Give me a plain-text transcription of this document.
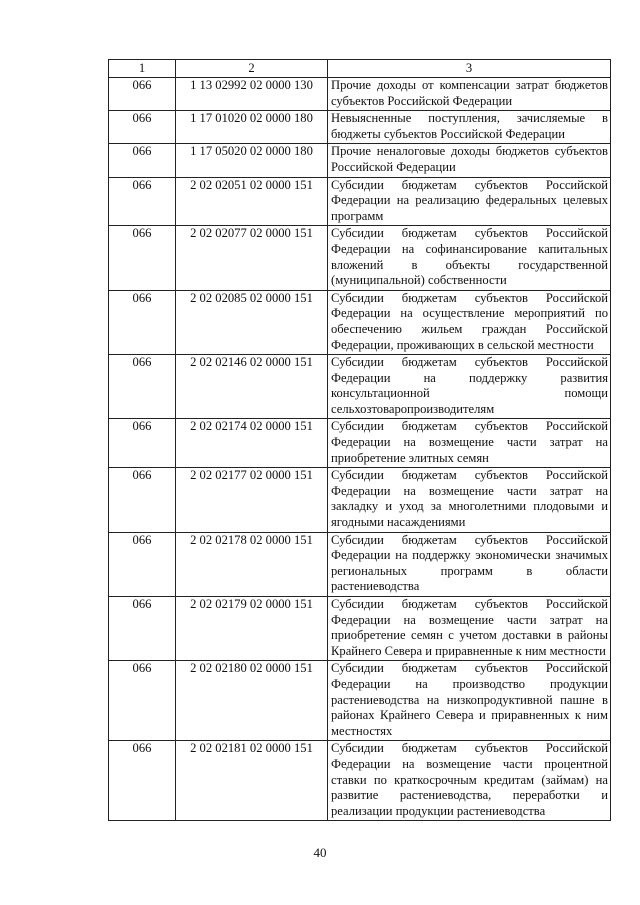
1	2	3
066	1 13 02992 02 0000 130	Прочие доходы от компенсации затрат бюджетов субъектов Российской Федерации
066	1 17 01020 02 0000 180	Невыясненные поступления, зачисляемые в бюджеты субъектов Российской Федерации
066	1 17 05020 02 0000 180	Прочие неналоговые доходы бюджетов субъектов Российской Федерации
066	2 02 02051 02 0000 151	Субсидии бюджетам субъектов Российской Федерации на реализацию федеральных целевых программ
066	2 02 02077 02 0000 151	Субсидии бюджетам субъектов Российской Федерации на софинансирование капитальных вложений в объекты государственной (муниципальной) собственности
066	2 02 02085 02 0000 151	Субсидии бюджетам субъектов Российской Федерации на осуществление мероприятий по обеспечению жильем граждан Российской Федерации, проживающих в сельской местности
066	2 02 02146 02 0000 151	Субсидии бюджетам субъектов Российской Федерации на поддержку развития консультационной помощи сельхозтоваропроизводителям
066	2 02 02174 02 0000 151	Субсидии бюджетам субъектов Российской Федерации на возмещение части затрат на приобретение элитных семян
066	2 02 02177 02 0000 151	Субсидии бюджетам субъектов Российской Федерации на возмещение части затрат на закладку и уход за многолетними плодовыми и ягодными насаждениями
066	2 02 02178 02 0000 151	Субсидии бюджетам субъектов Российской Федерации на поддержку экономически значимых региональных программ в области растениеводства
066	2 02 02179 02 0000 151	Субсидии бюджетам субъектов Российской Федерации на возмещение части затрат на приобретение семян с учетом доставки в районы Крайнего Севера и приравненные к ним местности
066	2 02 02180 02 0000 151	Субсидии бюджетам субъектов Российской Федерации на производство продукции растениеводства на низкопродуктивной пашне в районах Крайнего Севера и приравненных к ним местностях
066	2 02 02181 02 0000 151	Субсидии бюджетам субъектов Российской Федерации на возмещение части процентной ставки по краткосрочным кредитам (займам) на развитие растениеводства, переработки и реализации продукции растениеводства
40
